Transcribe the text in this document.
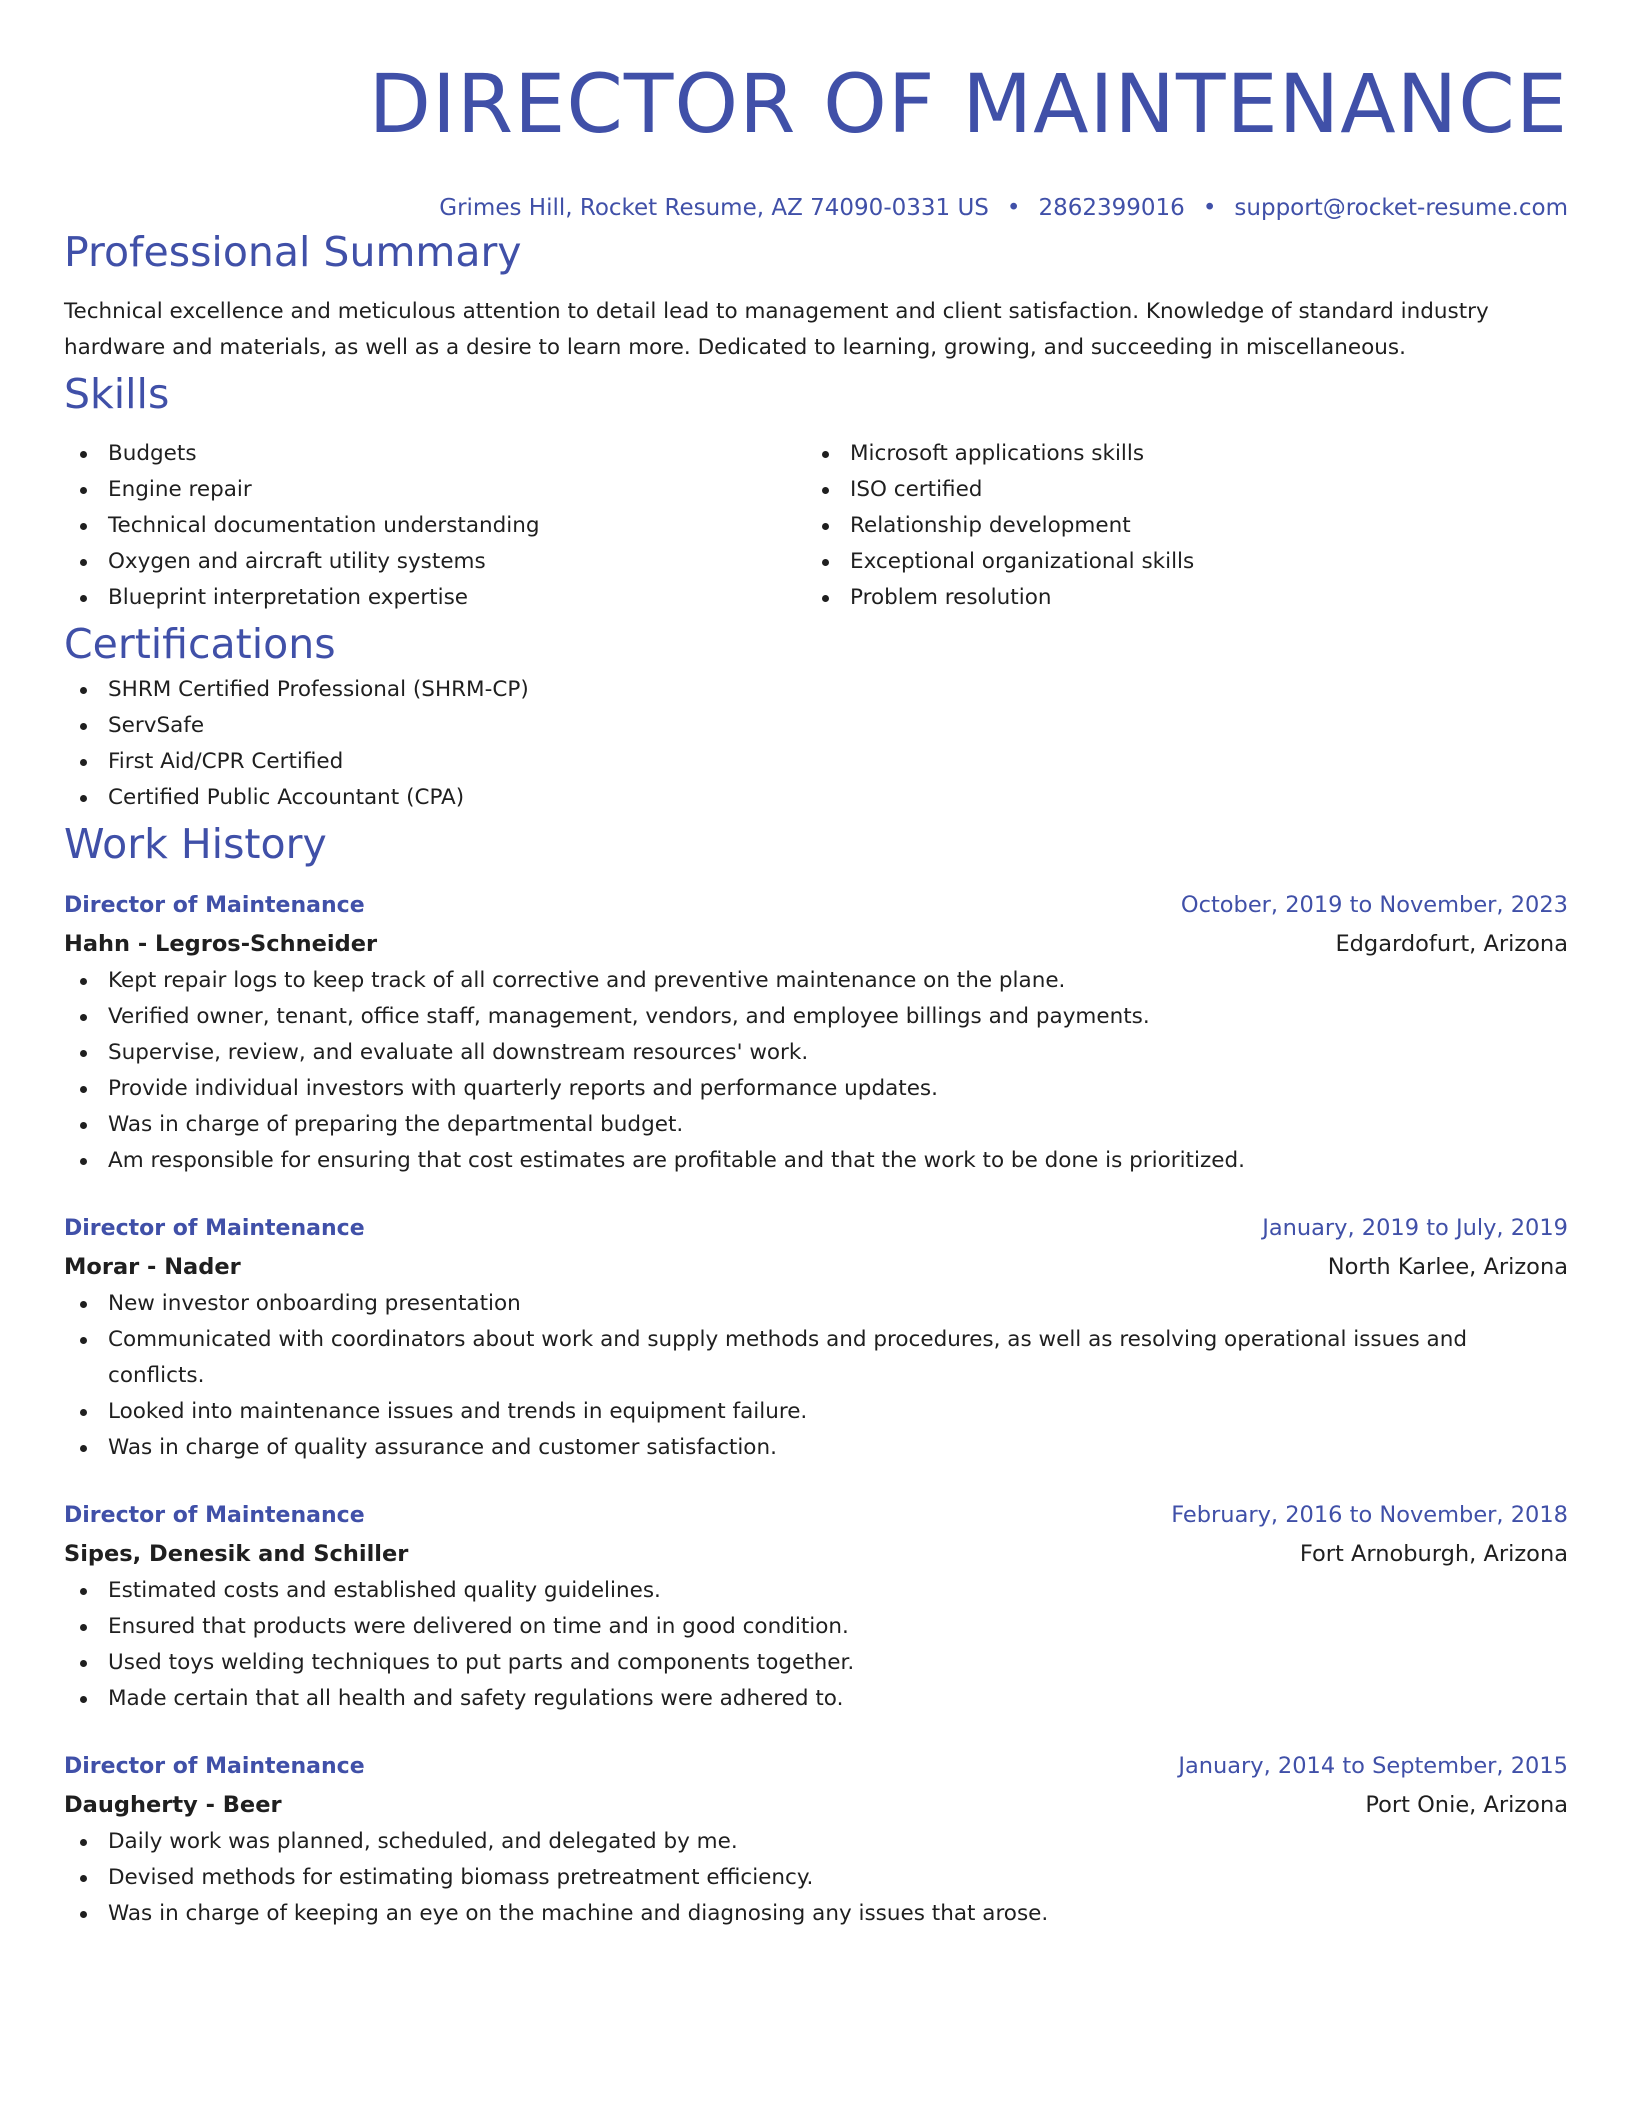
DIRECTOR OF MAINTENANCE
Grimes Hill, Rocket Resume, AZ 74090-0331 US • 2862399016 • support@rocket-resume.com
Professional Summary
Technical excellence and meticulous attention to detail lead to management and client satisfaction. Knowledge of standard industry hardware and materials, as well as a desire to learn more. Dedicated to learning, growing, and succeeding in miscellaneous.
Skills
Budgets
Engine repair
Technical documentation understanding
Oxygen and aircraft utility systems
Blueprint interpretation expertise
Microsoft applications skills
ISO certified
Relationship development
Exceptional organizational skills
Problem resolution
Certifications
SHRM Certified Professional (SHRM-CP)
ServSafe
First Aid/CPR Certified
Certified Public Accountant (CPA)
Work History
Director of Maintenance	October, 2019 to November, 2023
Hahn - Legros-Schneider	Edgardofurt, Arizona
Kept repair logs to keep track of all corrective and preventive maintenance on the plane.
Verified owner, tenant, office staff, management, vendors, and employee billings and payments.
Supervise, review, and evaluate all downstream resources' work.
Provide individual investors with quarterly reports and performance updates.
Was in charge of preparing the departmental budget.
Am responsible for ensuring that cost estimates are profitable and that the work to be done is prioritized.
Director of Maintenance	January, 2019 to July, 2019
Morar - Nader	North Karlee, Arizona
New investor onboarding presentation
Communicated with coordinators about work and supply methods and procedures, as well as resolving operational issues and conflicts.
Looked into maintenance issues and trends in equipment failure.
Was in charge of quality assurance and customer satisfaction.
Director of Maintenance	February, 2016 to November, 2018
Sipes, Denesik and Schiller	Fort Arnoburgh, Arizona
Estimated costs and established quality guidelines.
Ensured that products were delivered on time and in good condition.
Used toys welding techniques to put parts and components together.
Made certain that all health and safety regulations were adhered to.
Director of Maintenance	January, 2014 to September, 2015
Daugherty - Beer	Port Onie, Arizona
Daily work was planned, scheduled, and delegated by me.
Devised methods for estimating biomass pretreatment efficiency.
Was in charge of keeping an eye on the machine and diagnosing any issues that arose.
